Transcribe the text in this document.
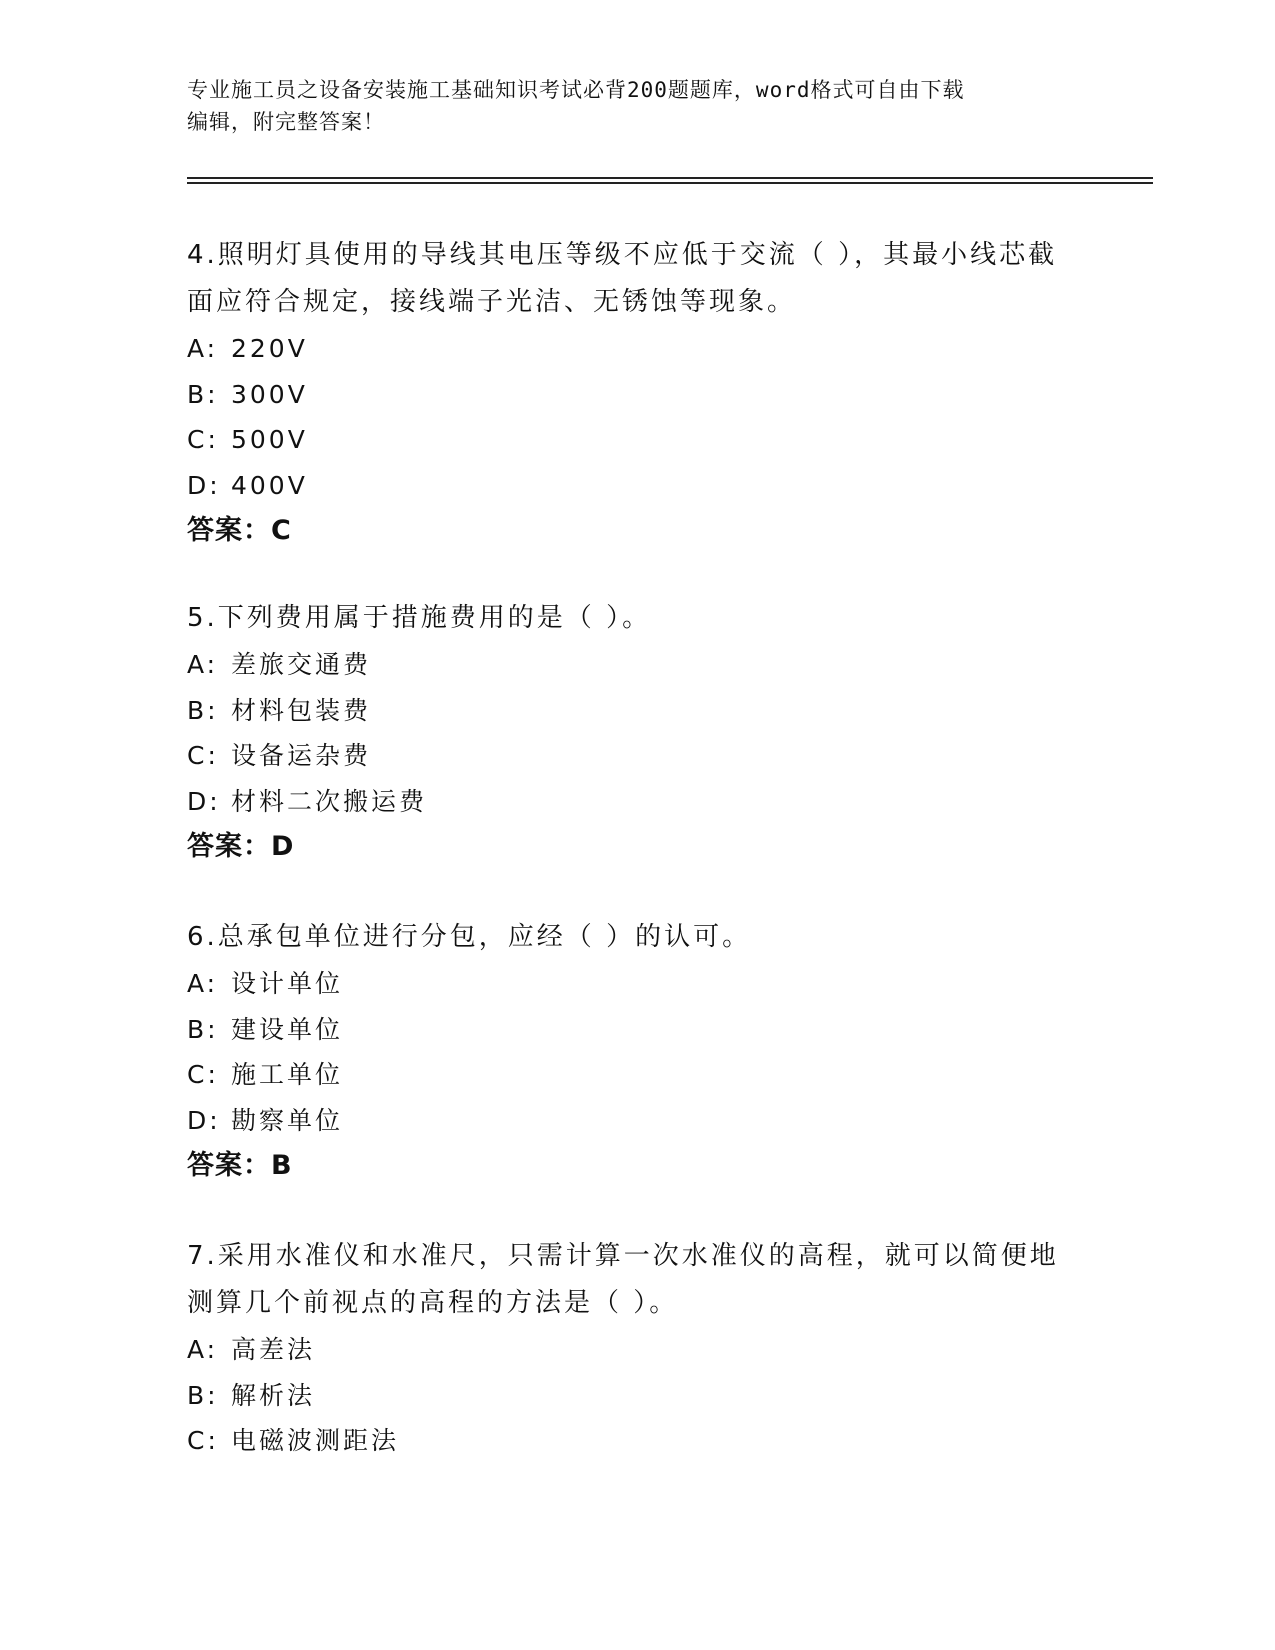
专业施工员之设备安装施工基础知识考试必背200题题库，word格式可自由下载
编辑，附完整答案！
4.照明灯具使用的导线其电压等级不应低于交流（ ），其最小线芯截
面应符合规定，接线端子光洁、无锈蚀等现象。
A: 220V
B: 300V
C: 500V
D: 400V
答案：C
5.下列费用属于措施费用的是（ ）。
A: 差旅交通费
B: 材料包装费
C: 设备运杂费
D: 材料二次搬运费
答案：D
6.总承包单位进行分包，应经（ ）的认可。
A: 设计单位
B: 建设单位
C: 施工单位
D: 勘察单位
答案：B
7.采用水准仪和水准尺，只需计算一次水准仪的高程，就可以简便地
测算几个前视点的高程的方法是（ ）。
A: 高差法
B: 解析法
C: 电磁波测距法
